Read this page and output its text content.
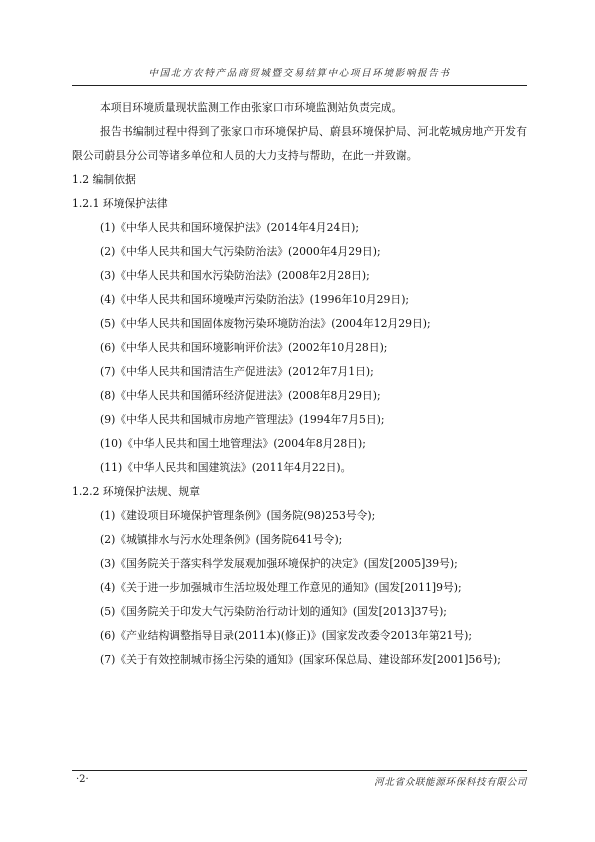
中国北方农特产品商贸城暨交易结算中心项目环境影响报告书
本项目环境质量现状监测工作由张家口市环境监测站负责完成。
报告书编制过程中得到了张家口市环境保护局、蔚县环境保护局、河北乾城房地产开发有限公司蔚县分公司等诸多单位和人员的大力支持与帮助，在此一并致谢。
1.2 编制依据
1.2.1 环境保护法律
(1)《中华人民共和国环境保护法》(2014年4月24日);
(2)《中华人民共和国大气污染防治法》(2000年4月29日);
(3)《中华人民共和国水污染防治法》(2008年2月28日);
(4)《中华人民共和国环境噪声污染防治法》(1996年10月29日);
(5)《中华人民共和国固体废物污染环境防治法》(2004年12月29日);
(6)《中华人民共和国环境影响评价法》(2002年10月28日);
(7)《中华人民共和国清洁生产促进法》(2012年7月1日);
(8)《中华人民共和国循环经济促进法》(2008年8月29日);
(9)《中华人民共和国城市房地产管理法》(1994年7月5日);
(10)《中华人民共和国土地管理法》(2004年8月28日);
(11)《中华人民共和国建筑法》(2011年4月22日)。
1.2.2 环境保护法规、规章
(1)《建设项目环境保护管理条例》(国务院(98)253号令);
(2)《城镇排水与污水处理条例》(国务院641号令);
(3)《国务院关于落实科学发展观加强环境保护的决定》(国发[2005]39号);
(4)《关于进一步加强城市生活垃圾处理工作意见的通知》(国发[2011]9号);
(5)《国务院关于印发大气污染防治行动计划的通知》(国发[2013]37号);
(6)《产业结构调整指导目录(2011本)(修正)》(国家发改委令2013年第21号);
(7)《关于有效控制城市扬尘污染的通知》(国家环保总局、建设部环发[2001]56号);
·2·	河北省众联能源环保科技有限公司
